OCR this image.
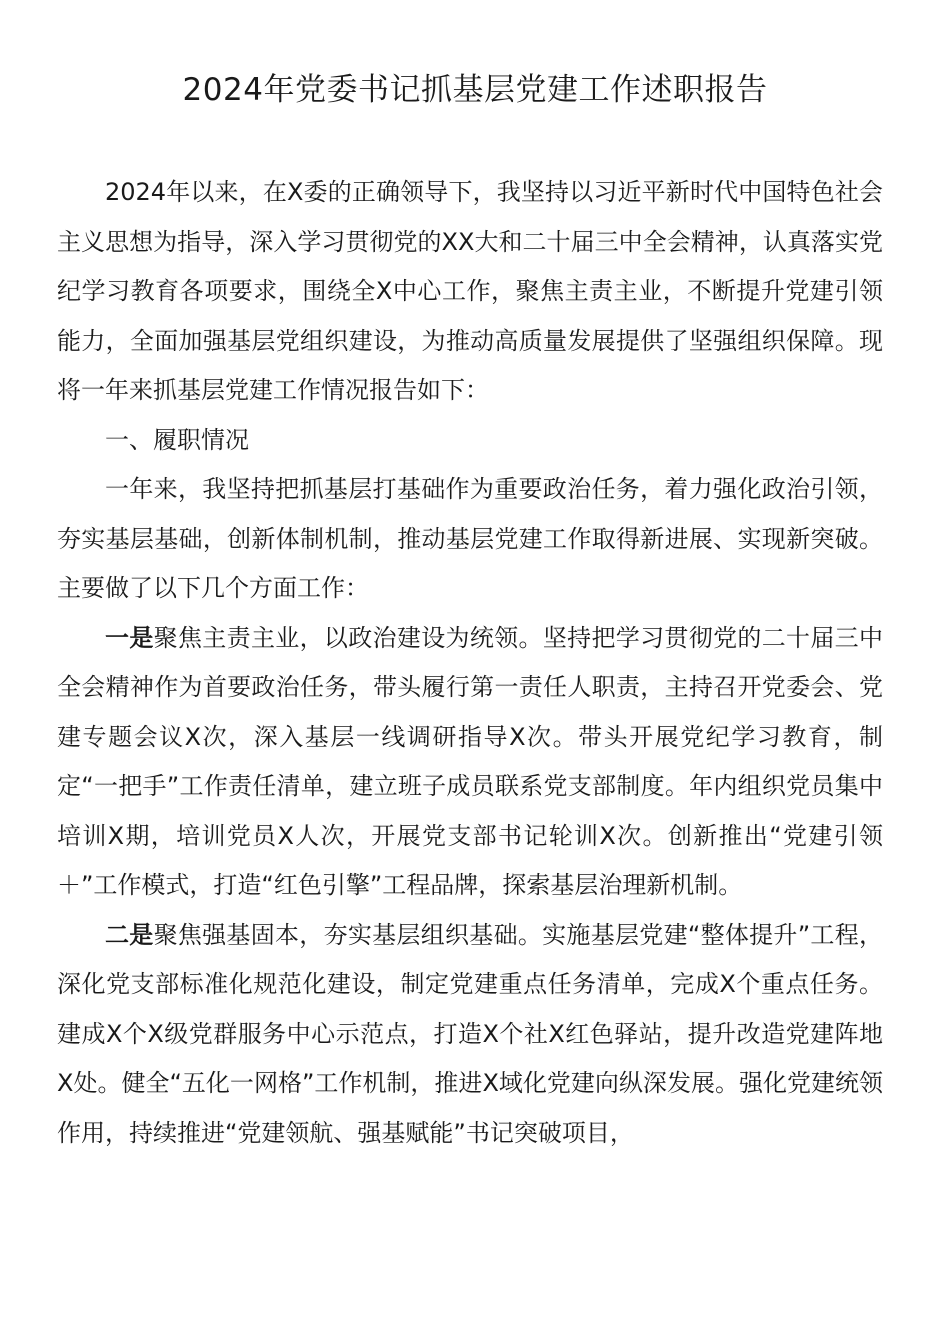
2024年党委书记抓基层党建工作述职报告

2024年以来，在X委的正确领导下，我坚持以习近平新时代中国特色社会主义思想为指导，深入学习贯彻党的XX大和二十届三中全会精神，认真落实党纪学习教育各项要求，围绕全X中心工作，聚焦主责主业，不断提升党建引领能力，全面加强基层党组织建设，为推动高质量发展提供了坚强组织保障。现将一年来抓基层党建工作情况报告如下：

一、履职情况

一年来，我坚持把抓基层打基础作为重要政治任务，着力强化政治引领，夯实基层基础，创新体制机制，推动基层党建工作取得新进展、实现新突破。主要做了以下几个方面工作：

一是聚焦主责主业，以政治建设为统领。坚持把学习贯彻党的二十届三中全会精神作为首要政治任务，带头履行第一责任人职责，主持召开党委会、党建专题会议X次，深入基层一线调研指导X次。带头开展党纪学习教育，制定“一把手”工作责任清单，建立班子成员联系党支部制度。年内组织党员集中培训X期，培训党员X人次，开展党支部书记轮训X次。创新推出“党建引领＋”工作模式，打造“红色引擎”工程品牌，探索基层治理新机制。

二是聚焦强基固本，夯实基层组织基础。实施基层党建“整体提升”工程，深化党支部标准化规范化建设，制定党建重点任务清单，完成X个重点任务。建成X个X级党群服务中心示范点，打造X个社X红色驿站，提升改造党建阵地X处。健全“五化一网格”工作机制，推进X域化党建向纵深发展。强化党建统领作用，持续推进“党建领航、强基赋能”书记突破项目，
